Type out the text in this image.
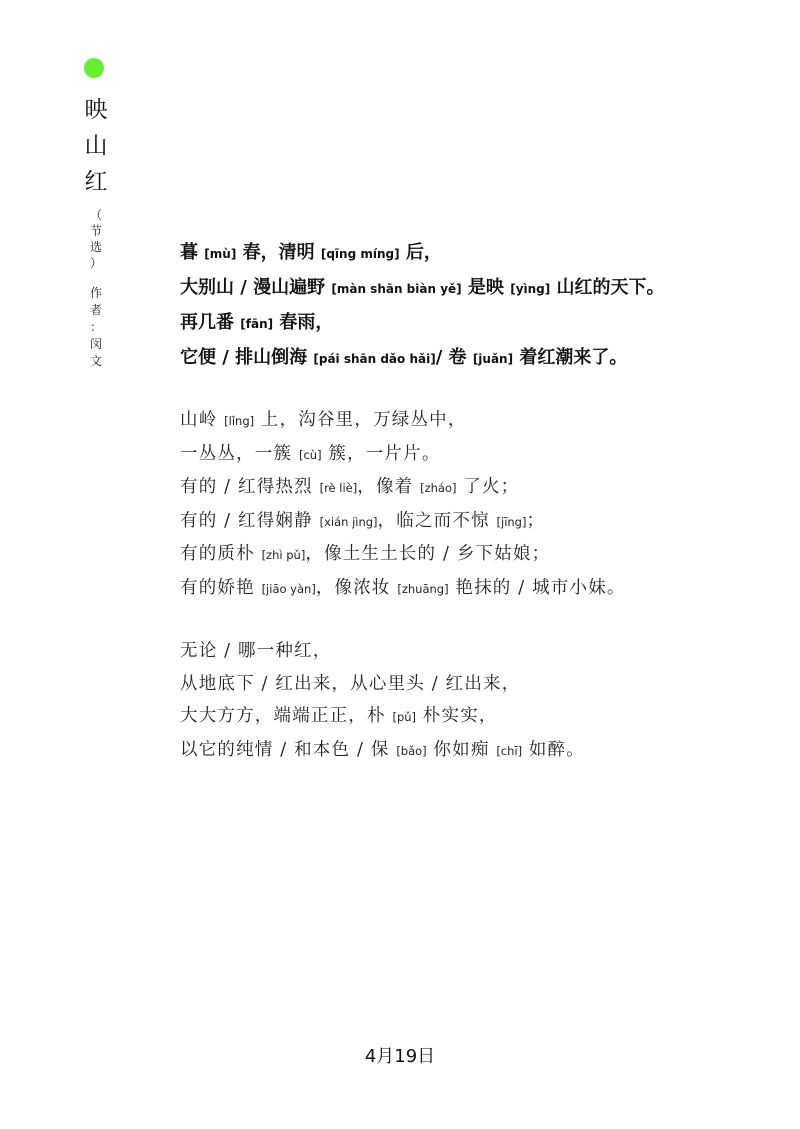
映
山
红
（
节
选
）
作
者
：
闵
文
暮 [mù] 春，清明 [qīng míng] 后，
大别山 / 漫山遍野 [màn shān biàn yě] 是映 [yìng] 山红的天下。
再几番 [fān] 春雨，
它便 / 排山倒海 [pái shān dǎo hǎi]/ 卷 [juǎn] 着红潮来了。
山岭 [lǐng] 上，沟谷里，万绿丛中，
一丛丛，一簇 [cù] 簇，一片片。
有的 / 红得热烈 [rè liè]，像着 [zháo] 了火；
有的 / 红得娴静 [xián jìng]，临之而不惊 [jīng]；
有的质朴 [zhì pǔ]，像土生土长的 / 乡下姑娘；
有的娇艳 [jiāo yàn]，像浓妆 [zhuāng] 艳抹的 / 城市小妹。
无论 / 哪一种红，
从地底下 / 红出来，从心里头 / 红出来，
大大方方，端端正正，朴 [pǔ] 朴实实，
以它的纯情 / 和本色 / 保 [bǎo] 你如痴 [chī] 如醉。
4月19日
